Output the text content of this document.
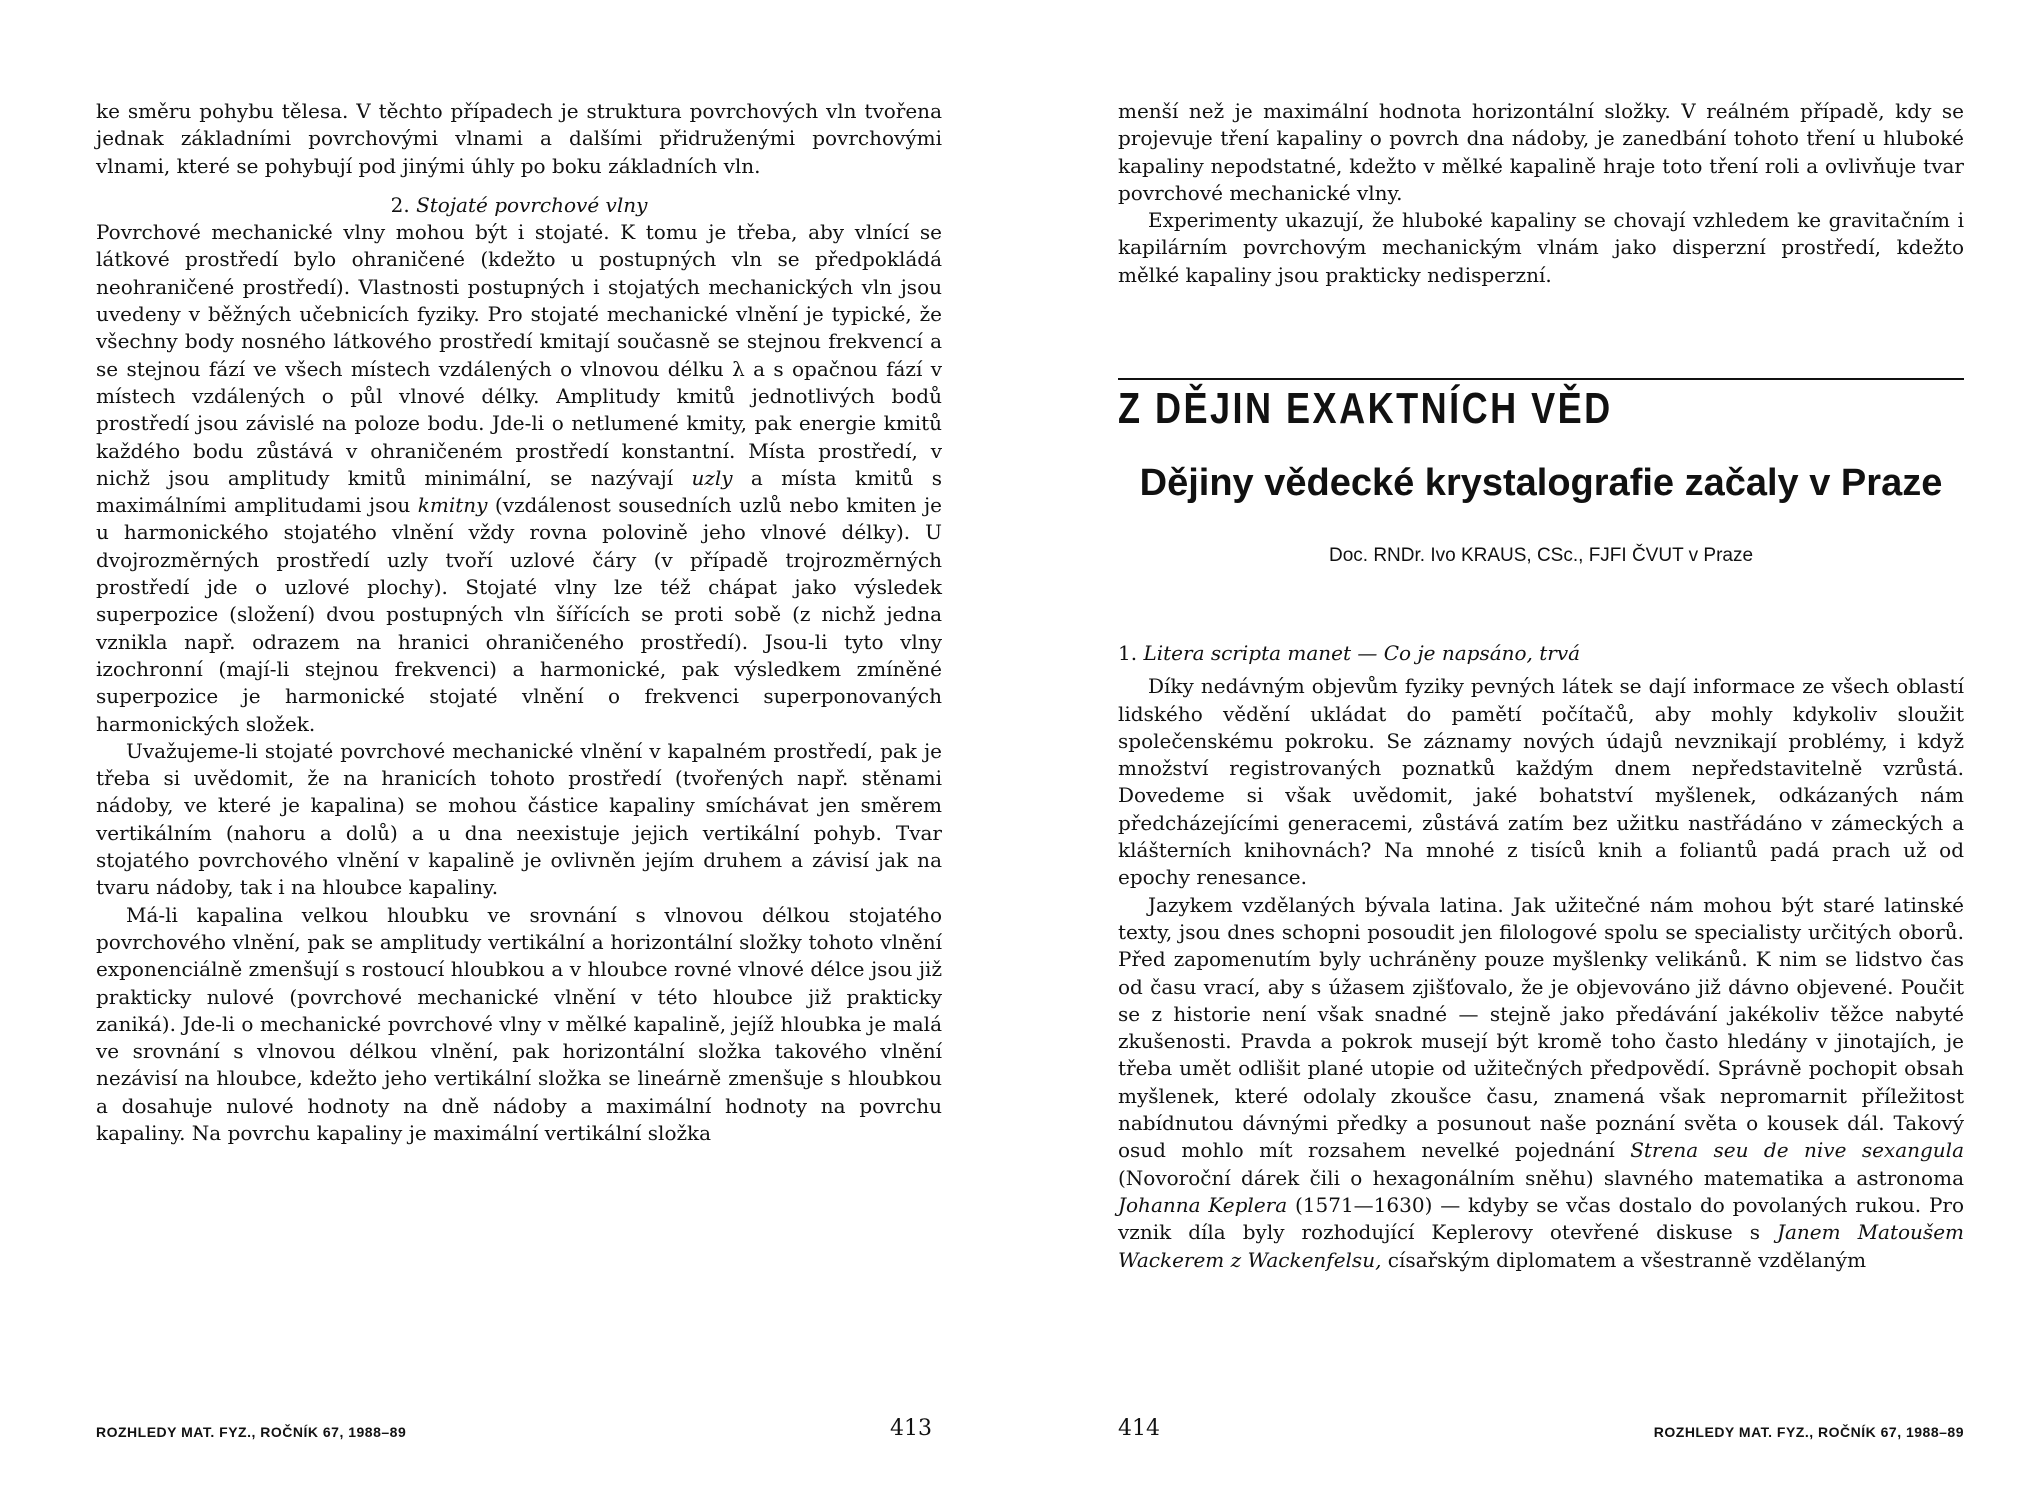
ke směru pohybu tělesa. V těchto případech je struktura povrchových vln tvořena jednak základními povrchovými vlnami a dalšími přidruženými povrchovými vlnami, které se pohybují pod jinými úhly po boku základních vln.

2. Stojaté povrchové vlny

Povrchové mechanické vlny mohou být i stojaté. K tomu je třeba, aby vlnící se látkové prostředí bylo ohraničené (kdežto u postupných vln se předpokládá neohraničené prostředí). Vlastnosti postupných i stojatých mechanických vln jsou uvedeny v běžných učebnicích fyziky. Pro stojaté mechanické vlnění je typické, že všechny body nosného látkového prostředí kmitají současně se stejnou frekvencí a se stejnou fází ve všech místech vzdálených o vlnovou délku λ a s opačnou fází v místech vzdálených o půl vlnové délky. Amplitudy kmitů jednotlivých bodů prostředí jsou závislé na poloze bodu. Jde-li o netlumené kmity, pak energie kmitů každého bodu zůstává v ohraničeném prostředí konstantní. Místa prostředí, v nichž jsou amplitudy kmitů minimální, se nazývají uzly a místa kmitů s maximálními amplitudami jsou kmitny (vzdálenost sousedních uzlů nebo kmiten je u harmonického stojatého vlnění vždy rovna polovině jeho vlnové délky). U dvojrozměrných prostředí uzly tvoří uzlové čáry (v případě trojrozměrných prostředí jde o uzlové plochy). Stojaté vlny lze též chápat jako výsledek superpozice (složení) dvou postupných vln šířících se proti sobě (z nichž jedna vznikla např. odrazem na hranici ohraničeného prostředí). Jsou-li tyto vlny izochronní (mají-li stejnou frekvenci) a harmonické, pak výsledkem zmíněné superpozice je harmonické stojaté vlnění o frekvenci superponovaných harmonických složek.

Uvažujeme-li stojaté povrchové mechanické vlnění v kapalném prostředí, pak je třeba si uvědomit, že na hranicích tohoto prostředí (tvořených např. stěnami nádoby, ve které je kapalina) se mohou částice kapaliny smíchávat jen směrem vertikálním (nahoru a dolů) a u dna neexistuje jejich vertikální pohyb. Tvar stojatého povrchového vlnění v kapalině je ovlivněn jejím druhem a závisí jak na tvaru nádoby, tak i na hloubce kapaliny.

Má-li kapalina velkou hloubku ve srovnání s vlnovou délkou stojatého povrchového vlnění, pak se amplitudy vertikální a horizontální složky tohoto vlnění exponenciálně zmenšují s rostoucí hloubkou a v hloubce rovné vlnové délce jsou již prakticky nulové (povrchové mechanické vlnění v této hloubce již prakticky zaniká). Jde-li o mechanické povrchové vlny v mělké kapalině, jejíž hloubka je malá ve srovnání s vlnovou délkou vlnění, pak horizontální složka takového vlnění nezávisí na hloubce, kdežto jeho vertikální složka se lineárně zmenšuje s hloubkou a dosahuje nulové hodnoty na dně nádoby a maximální hodnoty na povrchu kapaliny. Na povrchu kapaliny je maximální vertikální složka

ROZHLEDY MAT. FYZ., ROČNÍK 67, 1988–89	413

menší než je maximální hodnota horizontální složky. V reálném případě, kdy se projevuje tření kapaliny o povrch dna nádoby, je zanedbání tohoto tření u hluboké kapaliny nepodstatné, kdežto v mělké kapalině hraje toto tření roli a ovlivňuje tvar povrchové mechanické vlny.

Experimenty ukazují, že hluboké kapaliny se chovají vzhledem ke gravitačním i kapilárním povrchovým mechanickým vlnám jako disperzní prostředí, kdežto mělké kapaliny jsou prakticky nedisperzní.

Z DĚJIN EXAKTNÍCH VĚD
Dějiny vědecké krystalografie začaly v Praze
Doc. RNDr. Ivo KRAUS, CSc., FJFI ČVUT v Praze
1. Litera scripta manet — Co je napsáno, trvá

Díky nedávným objevům fyziky pevných látek se dají informace ze všech oblastí lidského vědění ukládat do pamětí počítačů, aby mohly kdykoliv sloužit společenskému pokroku. Se záznamy nových údajů nevznikají problémy, i když množství registrovaných poznatků každým dnem nepředstavitelně vzrůstá. Dovedeme si však uvědomit, jaké bohatství myšlenek, odkázaných nám předcházejícími generacemi, zůstává zatím bez užitku nastřádáno v zámeckých a klášterních knihovnách? Na mnohé z tisíců knih a foliantů padá prach už od epochy renesance.

Jazykem vzdělaných bývala latina. Jak užitečné nám mohou být staré latinské texty, jsou dnes schopni posoudit jen filologové spolu se specialisty určitých oborů. Před zapomenutím byly uchráněny pouze myšlenky velikánů. K nim se lidstvo čas od času vrací, aby s úžasem zjišťovalo, že je objevováno již dávno objevené. Poučit se z historie není však snadné — stejně jako předávání jakékoliv těžce nabyté zkušenosti. Pravda a pokrok musejí být kromě toho často hledány v jinotajích, je třeba umět odlišit plané utopie od užitečných předpovědí. Správně pochopit obsah myšlenek, které odolaly zkoušce času, znamená však nepromarnit příležitost nabídnutou dávnými předky a posunout naše poznání světa o kousek dál. Takový osud mohlo mít rozsahem nevelké pojednání Strena seu de nive sexangula (Novoroční dárek čili o hexagonálním sněhu) slavného matematika a astronoma Johanna Keplera (1571—1630) — kdyby se včas dostalo do povolaných rukou. Pro vznik díla byly rozhodující Keplerovy otevřené diskuse s Janem Matoušem Wackerem z Wackenfelsu, císařským diplomatem a všestranně vzdělaným

414	ROZHLEDY MAT. FYZ., ROČNÍK 67, 1988–89
